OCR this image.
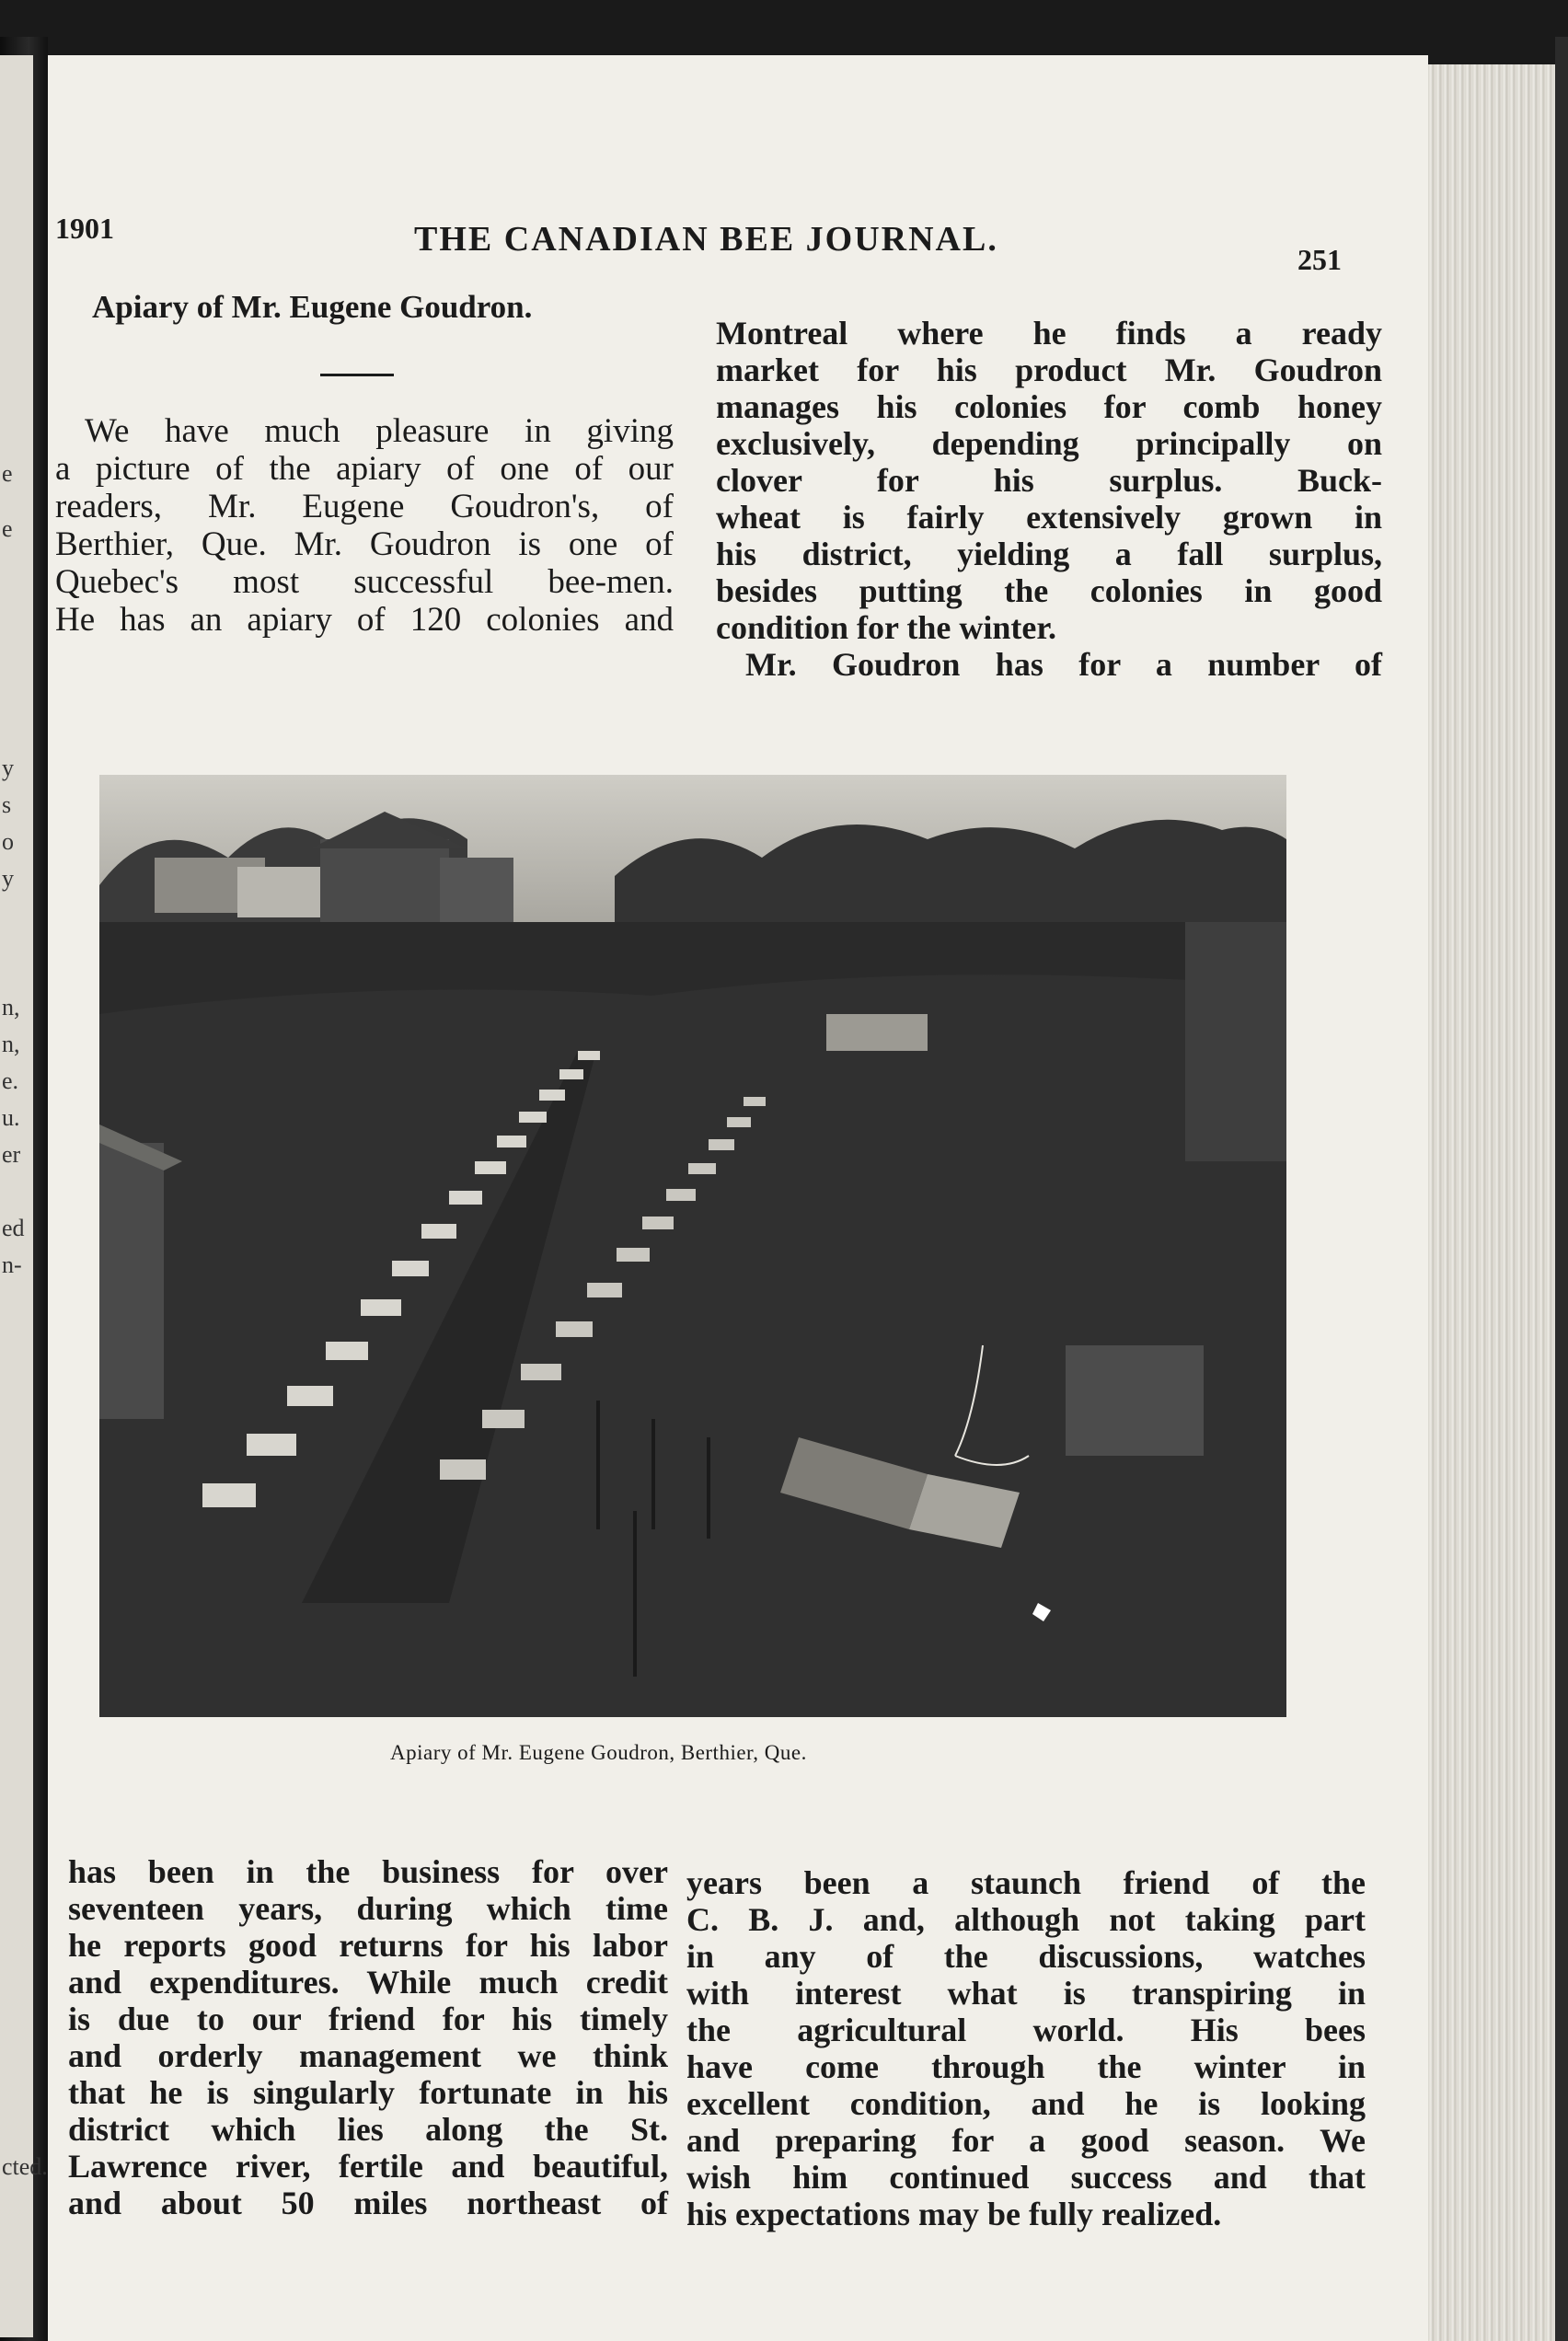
e
e
y
s
o
y
n,
n,
e.
u.
er
ed
n-
cted.
1901	THE CANADIAN BEE JOURNAL.
251
Apiary of Mr. Eugene Goudron.

We have much pleasure in giving

a picture of the apiary of one of our

readers, Mr. Eugene Goudron's, of

Berthier, Que. Mr. Goudron is one of

Quebec's most successful bee-men.

He has an apiary of 120 colonies and

Montreal where he finds a ready

market for his product Mr. Goudron

manages his colonies for comb honey

exclusively, depending principally on

clover for his surplus. Buck-

wheat is fairly extensively grown in

his district, yielding a fall surplus,

besides putting the colonies in good

condition for the winter.

Mr. Goudron has for a number of

Apiary of Mr. Eugene Goudron, Berthier, Que.

has been in the business for over

seventeen years, during which time

he reports good returns for his labor

and expenditures. While much credit

is due to our friend for his timely

and orderly management we think

that he is singularly fortunate in his

district which lies along the St.

Lawrence river, fertile and beautiful,

and about 50 miles northeast of

years been a staunch friend of the

C. B. J. and, although not taking part

in any of the discussions, watches

with interest what is transpiring in

the agricultural world. His bees

have come through the winter in

excellent condition, and he is looking

and preparing for a good season. We

wish him continued success and that

his expectations may be fully realized.
